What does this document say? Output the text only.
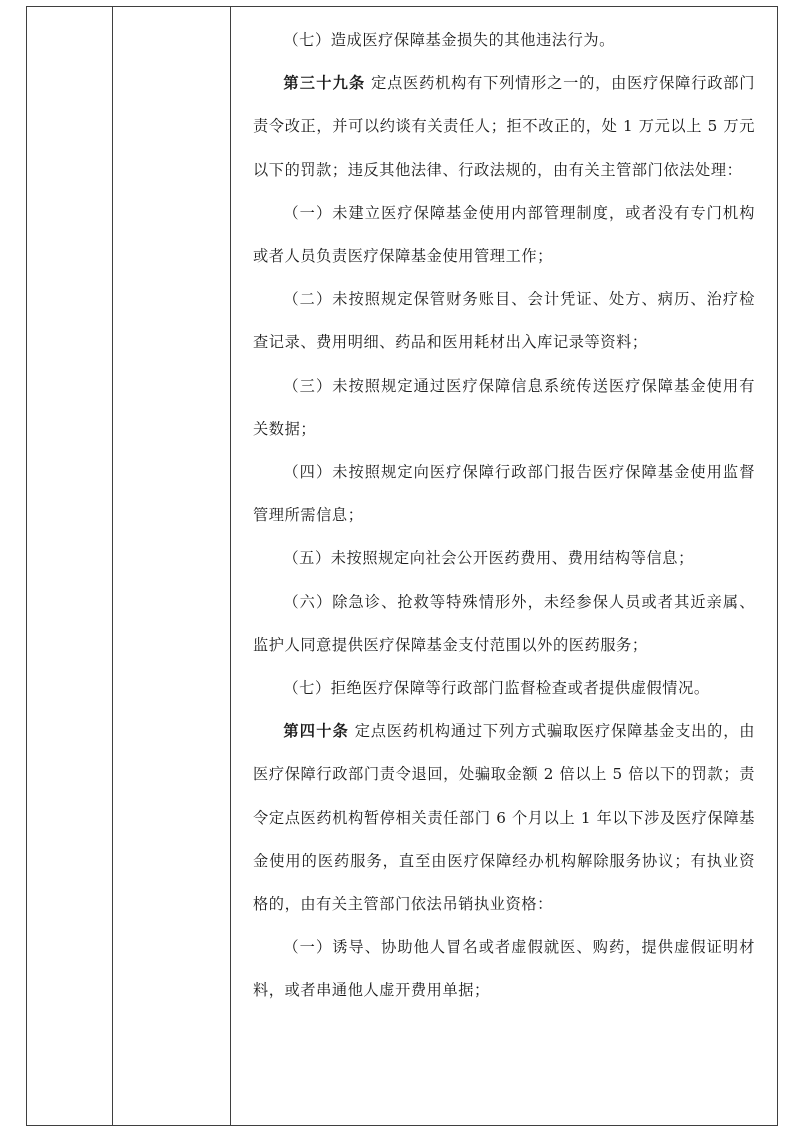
（七）造成医疗保障基金损失的其他违法行为。

第三十九条 定点医药机构有下列情形之一的，由医疗保障行政部门责令改正，并可以约谈有关责任人；拒不改正的，处 1 万元以上 5 万元以下的罚款；违反其他法律、行政法规的，由有关主管部门依法处理：

（一）未建立医疗保障基金使用内部管理制度，或者没有专门机构或者人员负责医疗保障基金使用管理工作；

（二）未按照规定保管财务账目、会计凭证、处方、病历、治疗检查记录、费用明细、药品和医用耗材出入库记录等资料；

（三）未按照规定通过医疗保障信息系统传送医疗保障基金使用有关数据；

（四）未按照规定向医疗保障行政部门报告医疗保障基金使用监督管理所需信息；

（五）未按照规定向社会公开医药费用、费用结构等信息；

（六）除急诊、抢救等特殊情形外，未经参保人员或者其近亲属、监护人同意提供医疗保障基金支付范围以外的医药服务；

（七）拒绝医疗保障等行政部门监督检查或者提供虚假情况。

第四十条 定点医药机构通过下列方式骗取医疗保障基金支出的，由医疗保障行政部门责令退回，处骗取金额 2 倍以上 5 倍以下的罚款；责令定点医药机构暂停相关责任部门 6 个月以上 1 年以下涉及医疗保障基金使用的医药服务，直至由医疗保障经办机构解除服务协议；有执业资格的，由有关主管部门依法吊销执业资格：

（一）诱导、协助他人冒名或者虚假就医、购药，提供虚假证明材料，或者串通他人虚开费用单据；
